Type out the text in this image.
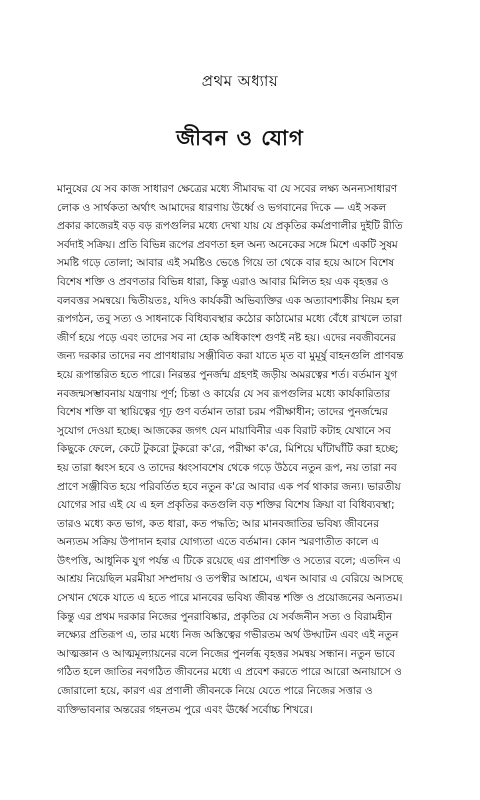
প্রথম অধ্যায়
জীবন ও যোগ
মানুষের যে সব কাজ সাধারণ ক্ষেত্রের মধ্যে সীমাবদ্ধ বা যে সবের লক্ষ্য অনন্যসাধারণ
লোক ও সার্থকতা অর্থাৎ আমাদের ধারণায় উর্ধ্বে ও ভগবানের দিকে — এই সকল
প্রকার কাজেরই বড় বড় রূপগুলির মধ্যে দেখা যায় যে প্রকৃতির কর্মপ্রণালীর দুইটি রীতি
সর্বদাই সক্রিয়। প্রতি বিভিন্ন রূপের প্রবণতা হল অন্য অনেকের সঙ্গে মিশে একটি সুষম
সমষ্টি গড়ে তোলা; আবার এই সমষ্টিও ভেঙে গিয়ে তা থেকে বার হয়ে আসে বিশেষ
বিশেষ শক্তি ও প্রবণতার বিভিন্ন ধারা, কিন্তু এরাও আবার মিলিত হয় এক বৃহত্তর ও
বলবত্তর সমন্বয়ে। দ্বিতীয়তঃ, যদিও কার্যকরী অভিব্যক্তির এক অত্যাবশ্যকীয় নিয়ম হল
রূপগঠন, তবু সত্য ও সাধনাকে বিধিব্যবস্থার কঠোর কাঠামোর মধ্যে বেঁধে রাখলে তারা
জীর্ণ হয়ে পড়ে এবং তাদের সব না হোক অধিকাংশ গুণই নষ্ট হয়। এদের নবজীবনের
জন্য দরকার তাদের নব প্রাণধারায় সঞ্জীবিত করা যাতে মৃত বা মুমূর্ষু বাহনগুলি প্রাণবন্ত
হয়ে রূপান্তরিত হতে পারে। নিরন্তর পুনর্জন্ম গ্রহণই জড়ীয় অমরত্বের শর্ত। বর্তমান যুগ
নবজন্মসম্ভাবনায় যন্ত্রণায় পূর্ণ; চিন্তা ও কার্যের যে সব রূপগুলির মধ্যে কার্যকারিতার
বিশেষ শক্তি বা স্থায়িত্বের গূঢ় গুণ বর্তমান তারা চরম পরীক্ষাধীন; তাদের পুনর্জন্মের
সুযোগ দেওয়া হচ্ছে। আজকের জগৎ যেন মায়াবিনীর এক বিরাট কটাহ যেখানে সব
কিছুকে ফেলে, কেটে টুকরো টুকরো ক'রে, পরীক্ষা ক'রে, মিশিয়ে ঘাঁটাঘাঁটি করা হচ্ছে;
হয় তারা ধ্বংস হবে ও তাদের ধ্বংসাবশেষ থেকে গড়ে উঠবে নতুন রূপ, নয় তারা নব
প্রাণে সঞ্জীবিত হয়ে পরিবর্তিত হবে নতুন ক'রে আবার এক পর্ব থাকার জন্য। ভারতীয়
যোগের সার এই যে এ হল প্রকৃতির কতগুলি বড় শক্তির বিশেষ ক্রিয়া বা বিধিব্যবস্থা;
তারও মধ্যে কত ভাগ, কত ধারা, কত পদ্ধতি; আর মানবজাতির ভবিষ্য জীবনের
অন্যতম সক্রিয় উপাদান হবার যোগ্যতা এতে বর্তমান। কোন স্মরণাতীত কালে এ
উৎপত্তি, আধুনিক যুগ পর্যন্ত এ টিকে রয়েছে এর প্রাণশক্তি ও সত্যের বলে; এতদিন এ
আশ্রয় নিয়েছিল মরমীয়া সম্প্রদায় ও তপস্বীর আশ্রমে, এখন আবার এ বেরিয়ে আসছে
সেখান থেকে যাতে এ হতে পারে মানবের ভবিষ্য জীবন্ত শক্তি ও প্রয়োজনের অন্যতম।
কিন্তু এর প্রথম দরকার নিজের পুনরাবিষ্কার, প্রকৃতির যে সর্বজনীন সত্য ও বিরামহীন
লক্ষ্যের প্রতিরূপ এ, তার মধ্যে নিজ অস্তিত্বের গভীরতম অর্থ উদ্ঘাটন এবং এই নতুন
আত্মজ্ঞান ও আত্মমূল্যায়নের বলে নিজের পুনর্লব্ধ বৃহত্তর সমন্বয় সন্ধান। নতুন ভাবে
গঠিত হলে জাতির নবগঠিত জীবনের মধ্যে এ প্রবেশ করতে পারে আরো অনায়াসে ও
জোরালো হয়ে, কারণ এর প্রণালী জীবনকে নিয়ে যেতে পারে নিজের সত্তার ও
ব্যক্তিভাবনার অন্তরের গহনতম পুরে এবং ঊর্ধ্বে সর্বোচ্চ শিখরে।
